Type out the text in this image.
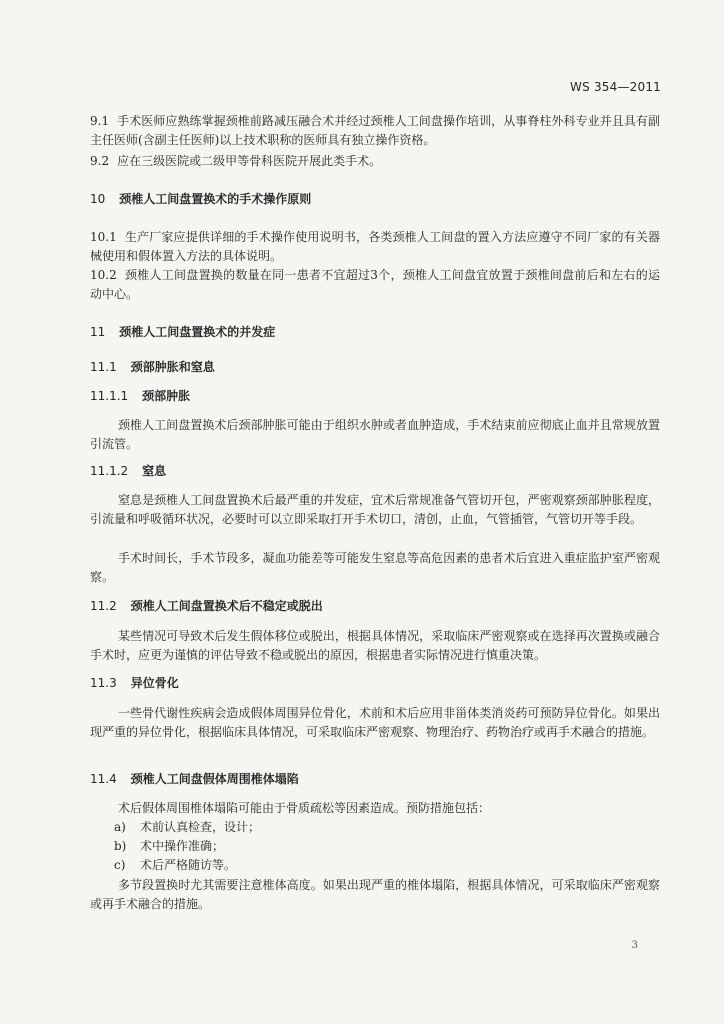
WS 354—2011

9.1 手术医师应熟练掌握颈椎前路减压融合术并经过颈椎人工间盘操作培训，从事脊柱外科专业并且具有副主任医师(含副主任医师)以上技术职称的医师具有独立操作资格。

9.2 应在三级医院或二级甲等骨科医院开展此类手术。

10 颈椎人工间盘置换术的手术操作原则

10.1 生产厂家应提供详细的手术操作使用说明书，各类颈椎人工间盘的置入方法应遵守不同厂家的有关器械使用和假体置入方法的具体说明。

10.2 颈椎人工间盘置换的数量在同一患者不宜超过3个，颈椎人工间盘宜放置于颈椎间盘前后和左右的运动中心。

11 颈椎人工间盘置换术的并发症
11.1 颈部肿胀和窒息
11.1.1 颈部肿胀

颈椎人工间盘置换术后颈部肿胀可能由于组织水肿或者血肿造成，手术结束前应彻底止血并且常规放置引流管。

11.1.2 窒息

窒息是颈椎人工间盘置换术后最严重的并发症，宜术后常规准备气管切开包，严密观察颈部肿胀程度，引流量和呼吸循环状况，必要时可以立即采取打开手术切口，清创，止血，气管插管，气管切开等手段。

手术时间长，手术节段多，凝血功能差等可能发生窒息等高危因素的患者术后宜进入重症监护室严密观察。

11.2 颈椎人工间盘置换术后不稳定或脱出

某些情况可导致术后发生假体移位或脱出，根据具体情况，采取临床严密观察或在选择再次置换或融合手术时，应更为谨慎的评估导致不稳或脱出的原因，根据患者实际情况进行慎重决策。

11.3 异位骨化

一些骨代谢性疾病会造成假体周围异位骨化，术前和术后应用非甾体类消炎药可预防异位骨化。如果出现严重的异位骨化，根据临床具体情况，可采取临床严密观察、物理治疗、药物治疗或再手术融合的措施。

11.4 颈椎人工间盘假体周围椎体塌陷

术后假体周围椎体塌陷可能由于骨质疏松等因素造成。预防措施包括：

a) 术前认真检查，设计；
b) 术中操作准确；
c) 术后严格随访等。

多节段置换时尤其需要注意椎体高度。如果出现严重的椎体塌陷，根据具体情况，可采取临床严密观察或再手术融合的措施。

3
